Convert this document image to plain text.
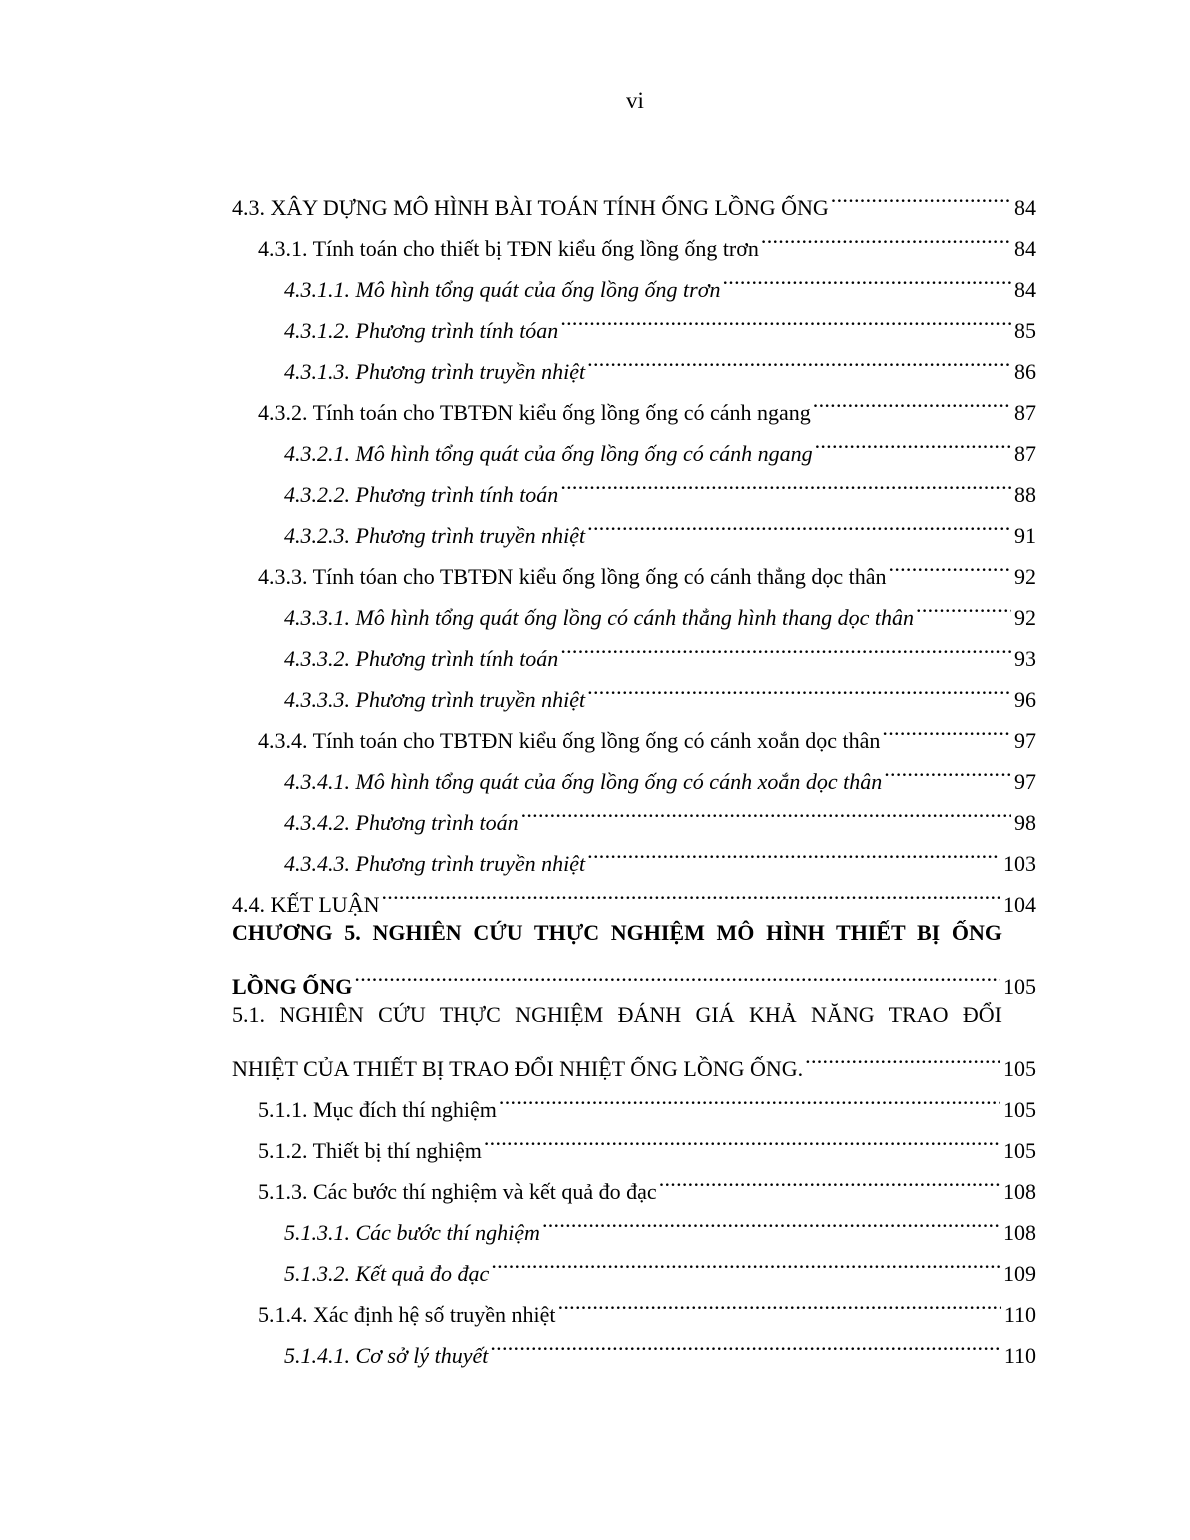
vi
4.3. XÂY DỰNG MÔ HÌNH BÀI TOÁN TÍNH ỐNG LỒNG ỐNG .....	84
4.3.1. Tính toán cho thiết bị TĐN kiểu ống lồng ống trơn .....	84
4.3.1.1. Mô hình tổng quát của ống lồng ống trơn .....	84
4.3.1.2. Phương trình tính tóan .....	85
4.3.1.3. Phương trình truyền nhiệt .....	86
4.3.2. Tính toán cho TBTĐN kiểu ống lồng ống có cánh ngang .....	87
4.3.2.1. Mô hình tổng quát của ống lồng ống có cánh ngang .....	87
4.3.2.2. Phương trình tính toán .....	88
4.3.2.3. Phương trình truyền nhiệt .....	91
4.3.3. Tính tóan cho TBTĐN kiểu ống lồng ống có cánh thẳng dọc thân .....	92
4.3.3.1. Mô hình tổng quát ống lồng có cánh thẳng hình thang dọc thân .....	92
4.3.3.2. Phương trình tính toán .....	93
4.3.3.3. Phương trình truyền nhiệt .....	96
4.3.4. Tính toán cho TBTĐN kiểu ống lồng ống có cánh xoắn dọc thân .....	97
4.3.4.1. Mô hình tổng quát của ống lồng ống có cánh xoắn dọc thân .....	97
4.3.4.2. Phương trình toán .....	98
4.3.4.3. Phương trình truyền nhiệt .....	103
4.4. KẾT LUẬN .....	104
CHƯƠNG 5. NGHIÊN CỨU THỰC NGHIỆM MÔ HÌNH THIẾT BỊ ỐNG
LỒNG ỐNG .....	105
5.1. NGHIÊN CỨU THỰC NGHIỆM ĐÁNH GIÁ KHẢ NĂNG TRAO ĐỔI
NHIỆT CỦA THIẾT BỊ TRAO ĐỔI NHIỆT ỐNG LỒNG ỐNG. .....	105
5.1.1. Mục đích thí nghiệm .....	105
5.1.2. Thiết bị thí nghiệm .....	105
5.1.3. Các bước thí nghiệm và kết quả đo đạc .....	108
5.1.3.1. Các bước thí nghiệm .....	108
5.1.3.2. Kết quả đo đạc .....	109
5.1.4. Xác định hệ số truyền nhiệt .....	110
5.1.4.1. Cơ sở lý thuyết .....	110
